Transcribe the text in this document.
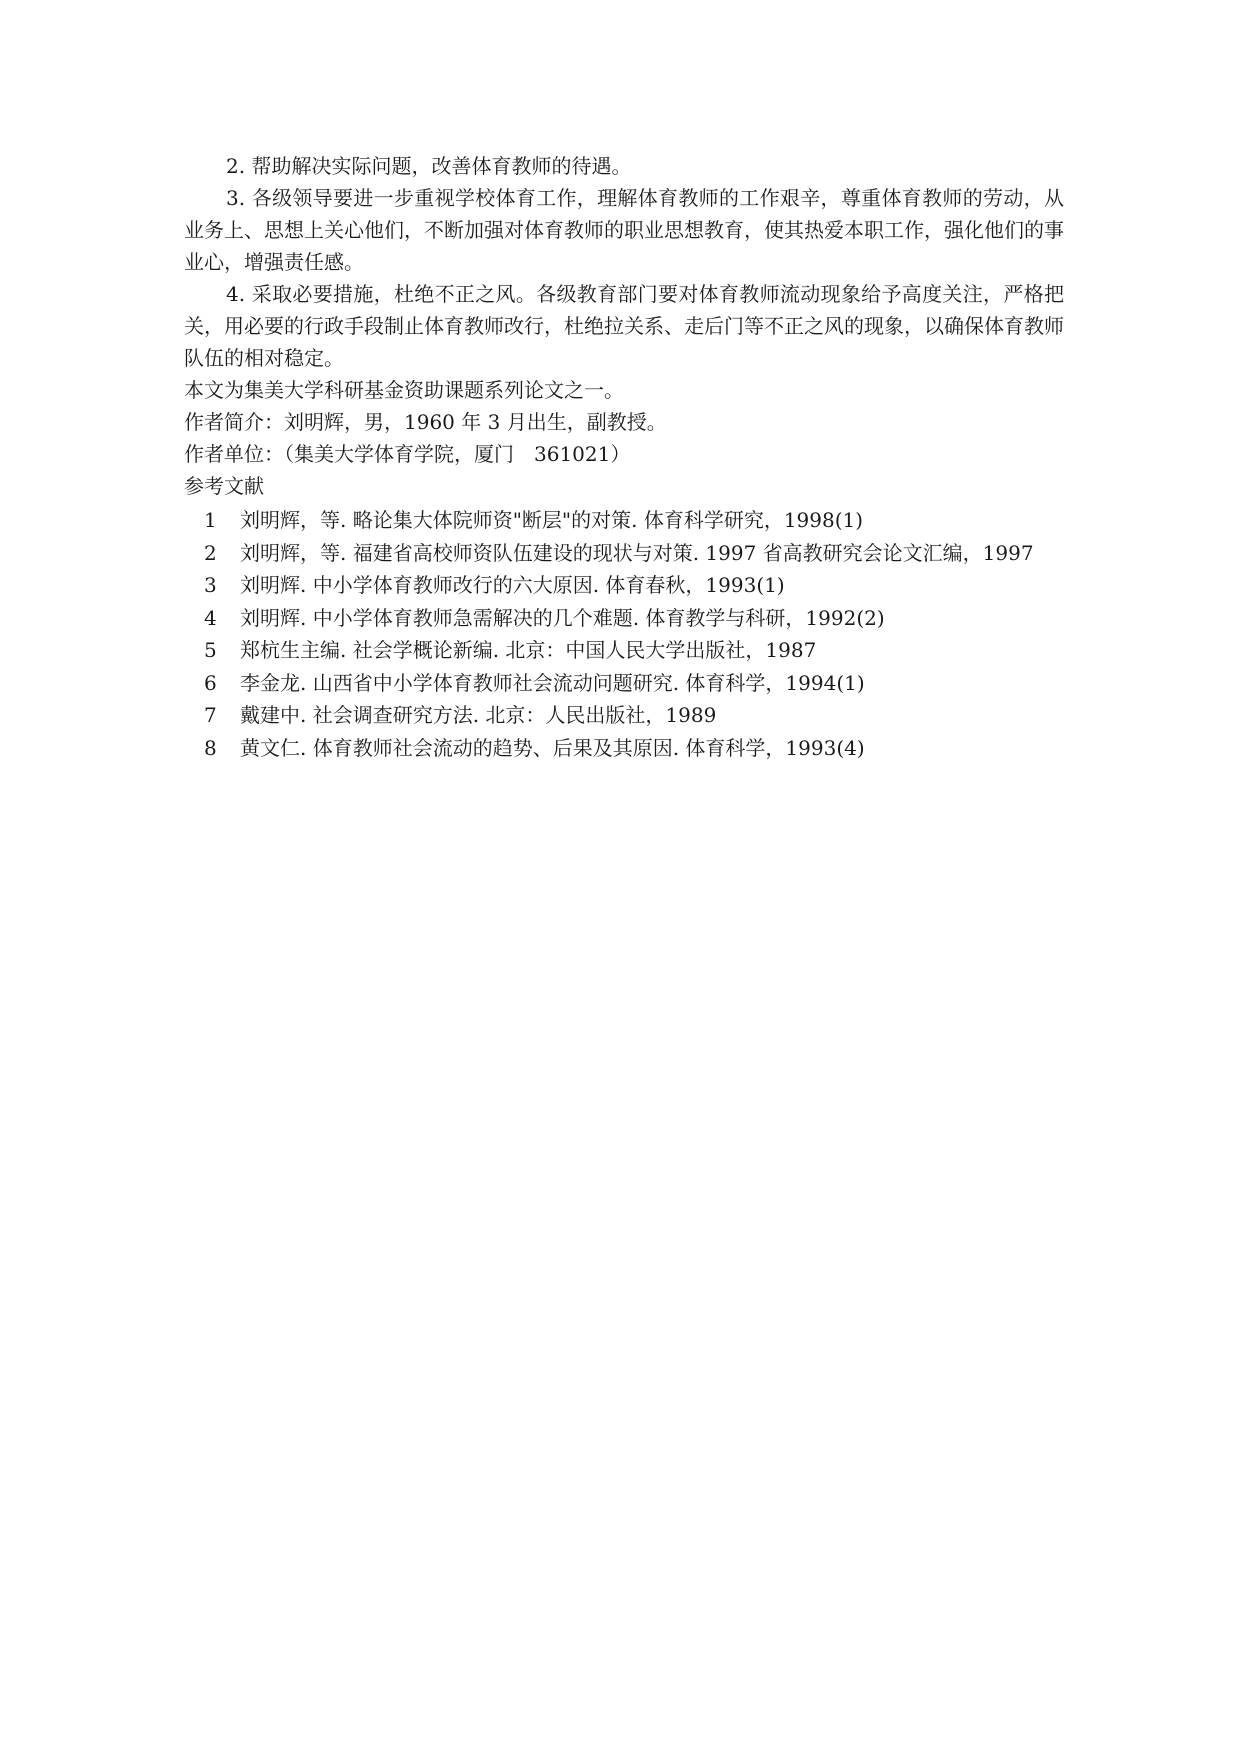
2. 帮助解决实际问题，改善体育教师的待遇。

3. 各级领导要进一步重视学校体育工作，理解体育教师的工作艰辛，尊重体育教师的劳动，从业务上、思想上关心他们，不断加强对体育教师的职业思想教育，使其热爱本职工作，强化他们的事业心，增强责任感。

4. 采取必要措施，杜绝不正之风。各级教育部门要对体育教师流动现象给予高度关注，严格把关，用必要的行政手段制止体育教师改行，杜绝拉关系、走后门等不正之风的现象，以确保体育教师队伍的相对稳定。

本文为集美大学科研基金资助课题系列论文之一。

作者简介：刘明辉，男，1960 年 3 月出生，副教授。

作者单位：（集美大学体育学院，厦门　361021）

参考文献

1	刘明辉，等. 略论集大体院师资"断层"的对策. 体育科学研究，1998(1)
2	刘明辉，等. 福建省高校师资队伍建设的现状与对策. 1997 省高教研究会论文汇编，1997
3	刘明辉. 中小学体育教师改行的六大原因. 体育春秋，1993(1)
4	刘明辉. 中小学体育教师急需解决的几个难题. 体育教学与科研，1992(2)
5	郑杭生主编. 社会学概论新编. 北京：中国人民大学出版社，1987
6	李金龙. 山西省中小学体育教师社会流动问题研究. 体育科学，1994(1)
7	戴建中. 社会调查研究方法. 北京：人民出版社，1989
8	黄文仁. 体育教师社会流动的趋势、后果及其原因. 体育科学，1993(4)
